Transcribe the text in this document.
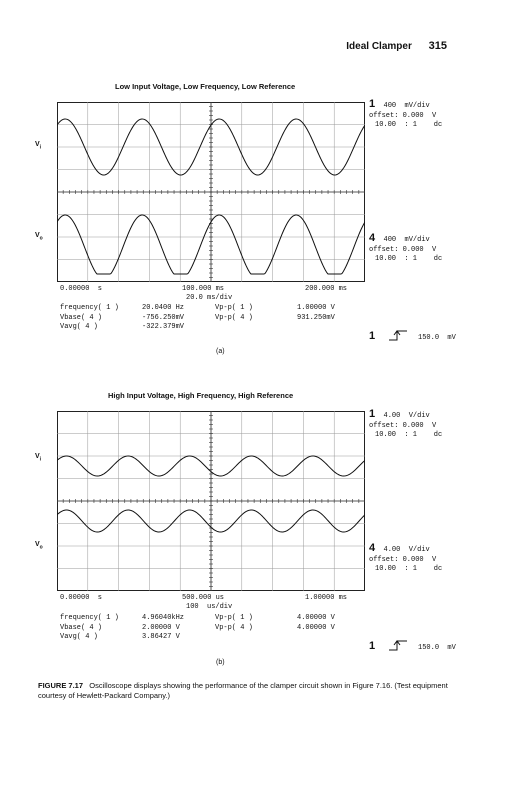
Ideal Clamper 315
Low Input Voltage, Low Frequency, Low Reference
$V_i$
$V_o$
1 400  mV/div
offset: 0.000  V
10.00  : 1    dc
4 400  mV/div
offset: 0.000  V
10.00  : 1    dc
0.00000  s	100.000 ms	200.000 ms
20.0 ms/div
frequency( 1 )	20.0400 Hz	Vp-p( 1 )	1.00000 V
Vbase( 4 )	-756.250mV	Vp-p( 4 )	931.250mV
Vavg( 4 )	-322.379mV
1	150.0  mV
(a)
High Input Voltage, High Frequency, High Reference
$V_i$
$V_o$
1 4.00  V/div
offset: 0.000  V
10.00  : 1    dc
4 4.00  V/div
offset: 0.000  V
10.00  : 1    dc
0.00000  s	500.000 us	1.00000 ms
100  us/div
frequency( 1 )	4.96040kHz	Vp-p( 1 )	4.00000 V
Vbase( 4 )	2.00000 V	Vp-p( 4 )	4.00000 V
Vavg( 4 )	3.86427 V
1	150.0  mV
(b)
FIGURE 7.17 Oscilloscope displays showing the performance of the clamper circuit shown in Figure 7.16. (Test equipment courtesy of Hewlett-Packard Company.)
